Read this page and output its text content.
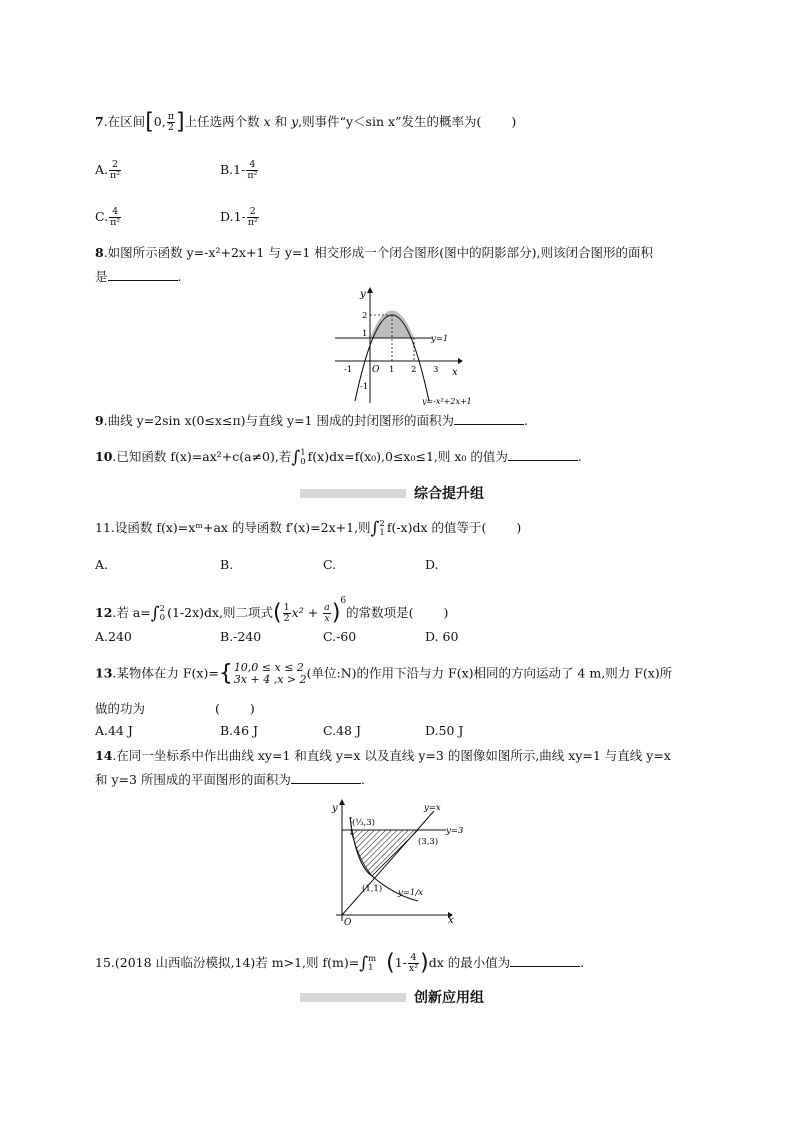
7.在区间[0, $\frac{\pi}{2}$ ]上任选两个数 x 和 y,则事件“y＜sin x”发生的概率为( )
A. $\frac{2}{\text{π²}}$	$B.1- \frac{4}{\text{π²}}$
C. $\frac{4}{\text{π²}}$	$D.1- \frac{2}{\text{π²}}$
8.如图所示函数 y=-x²+2x+1 与 y=1 相交形成一个闭合图形(图中的阴影部分),则该闭合图形的面积
是	.
y
x
O
-1	1 2 3
2
1
-1
y=1
y=-x²+2x+1
9.曲线 y=2sin x(0≤x≤π)与直线 y=1 围成的封闭图形的面积为	.
10.已知函数 f(x)=ax²+c(a≠0),若∫ 1
0 f(x)dx=f(x₀),0≤x₀≤1,则 x₀ 的值为	.
综合提升组
11.设函数 f(x)=xᵐ+ax 的导函数 f′(x)=2x+1,则∫ 2
1 f(-x)dx 的值等于( )
A.	B.	C.	D.
12.若 a=∫ 2
0 (1-2x)dx,则二项式( $\frac{1}{2} x^2 + \frac{a}{x} )^6$的常数项是( )
A.240	B.-240	C.-60	D. 60
13.某物体在力 F(x)={ 10,0 ≤ x ≤ 2
3x + 4 ,x > 2 (单位:N)的作用下沿与力 F(x)相同的方向运动了 4 m,则力 F(x)所
做的功为	( )
A.44 J	B.46 J	C.48 J	D.50 J
14.在同一坐标系中作出曲线 xy=1 和直线 y=x 以及直线 y=3 的图像如图所示,曲线 xy=1 与直线 y=x
和 y=3 所围成的平面图形的面积为	.
y
x
O
y=x
y=3
(⅓,3)
(3,3)
(1,1) y=1/x
15.(2018 山西临汾模拟,14)若 m>1,则 f(m)=∫ m
1 $(1- \frac{4}{\text{x²}} )dx$ 的最小值为	.
创新应用组
